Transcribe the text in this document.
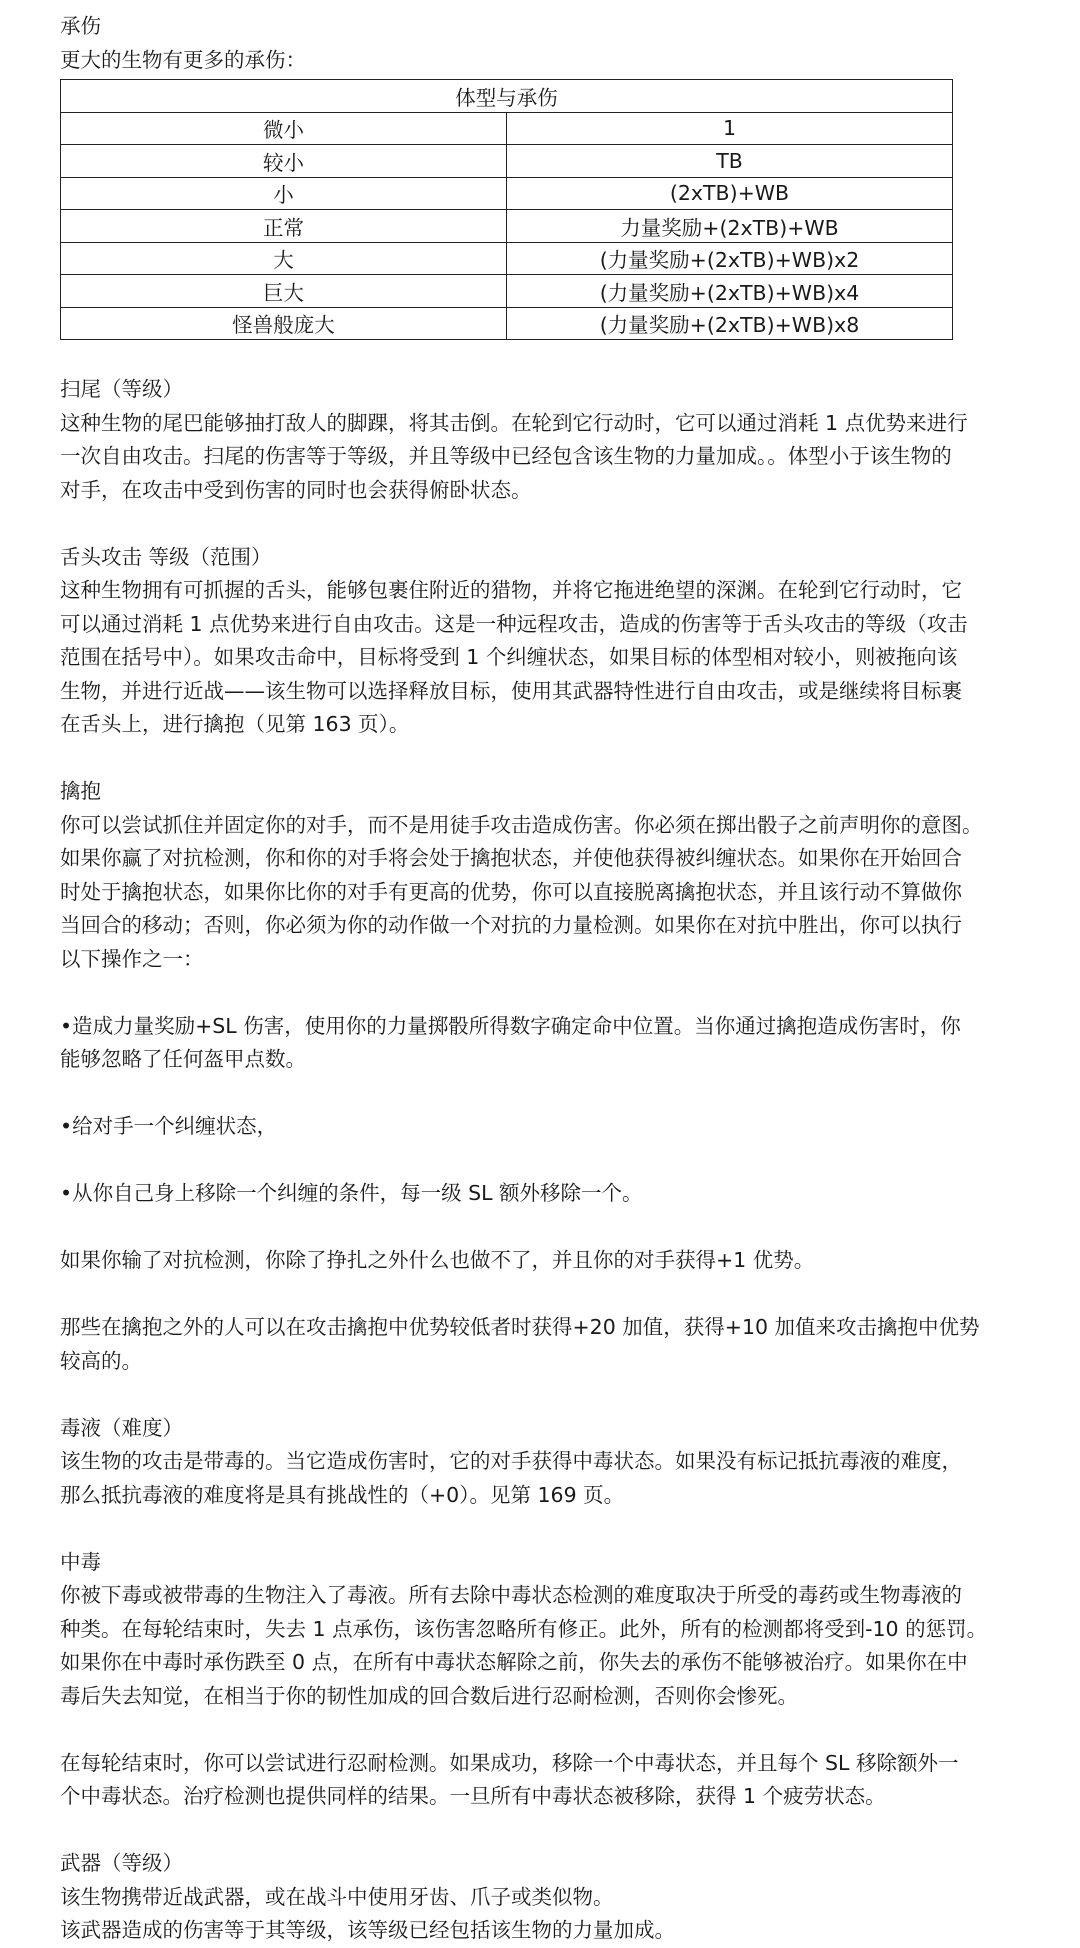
承伤

更大的生物有更多的承伤：

体型与承伤	
微小	1
较小	TB
小	(2xTB)+WB
正常	力量奖励+(2xTB)+WB
大	(力量奖励+(2xTB)+WB)x2
巨大	(力量奖励+(2xTB)+WB)x4
怪兽般庞大	(力量奖励+(2xTB)+WB)x8

扫尾（等级）

这种生物的尾巴能够抽打敌人的脚踝，将其击倒。在轮到它行动时，它可以通过消耗 1 点优势来进行

一次自由攻击。扫尾的伤害等于等级，并且等级中已经包含该生物的力量加成。。体型小于该生物的

对手，在攻击中受到伤害的同时也会获得俯卧状态。

舌头攻击 等级（范围）

这种生物拥有可抓握的舌头，能够包裹住附近的猎物，并将它拖进绝望的深渊。在轮到它行动时，它

可以通过消耗 1 点优势来进行自由攻击。这是一种远程攻击，造成的伤害等于舌头攻击的等级（攻击

范围在括号中）。如果攻击命中，目标将受到 1 个纠缠状态，如果目标的体型相对较小，则被拖向该

生物，并进行近战——该生物可以选择释放目标，使用其武器特性进行自由攻击，或是继续将目标裹

在舌头上，进行擒抱（见第 163 页）。

擒抱

你可以尝试抓住并固定你的对手，而不是用徒手攻击造成伤害。你必须在掷出骰子之前声明你的意图。

如果你赢了对抗检测，你和你的对手将会处于擒抱状态，并使他获得被纠缠状态。如果你在开始回合

时处于擒抱状态，如果你比你的对手有更高的优势，你可以直接脱离擒抱状态，并且该行动不算做你

当回合的移动；否则，你必须为你的动作做一个对抗的力量检测。如果你在对抗中胜出，你可以执行

以下操作之一：

•造成力量奖励+SL 伤害，使用你的力量掷骰所得数字确定命中位置。当你通过擒抱造成伤害时，你

能够忽略了任何盔甲点数。

•给对手一个纠缠状态，

•从你自己身上移除一个纠缠的条件，每一级 SL 额外移除一个。

如果你输了对抗检测，你除了挣扎之外什么也做不了，并且你的对手获得+1 优势。

那些在擒抱之外的人可以在攻击擒抱中优势较低者时获得+20 加值，获得+10 加值来攻击擒抱中优势

较高的。

毒液（难度）

该生物的攻击是带毒的。当它造成伤害时，它的对手获得中毒状态。如果没有标记抵抗毒液的难度，

那么抵抗毒液的难度将是具有挑战性的（+0）。见第 169 页。

中毒

你被下毒或被带毒的生物注入了毒液。所有去除中毒状态检测的难度取决于所受的毒药或生物毒液的

种类。在每轮结束时，失去 1 点承伤，该伤害忽略所有修正。此外，所有的检测都将受到-10 的惩罚。

如果你在中毒时承伤跌至 0 点，在所有中毒状态解除之前，你失去的承伤不能够被治疗。如果你在中

毒后失去知觉，在相当于你的韧性加成的回合数后进行忍耐检测，否则你会惨死。

在每轮结束时，你可以尝试进行忍耐检测。如果成功，移除一个中毒状态，并且每个 SL 移除额外一

个中毒状态。治疗检测也提供同样的结果。一旦所有中毒状态被移除，获得 1 个疲劳状态。

武器（等级）

该生物携带近战武器，或在战斗中使用牙齿、爪子或类似物。

该武器造成的伤害等于其等级，该等级已经包括该生物的力量加成。
